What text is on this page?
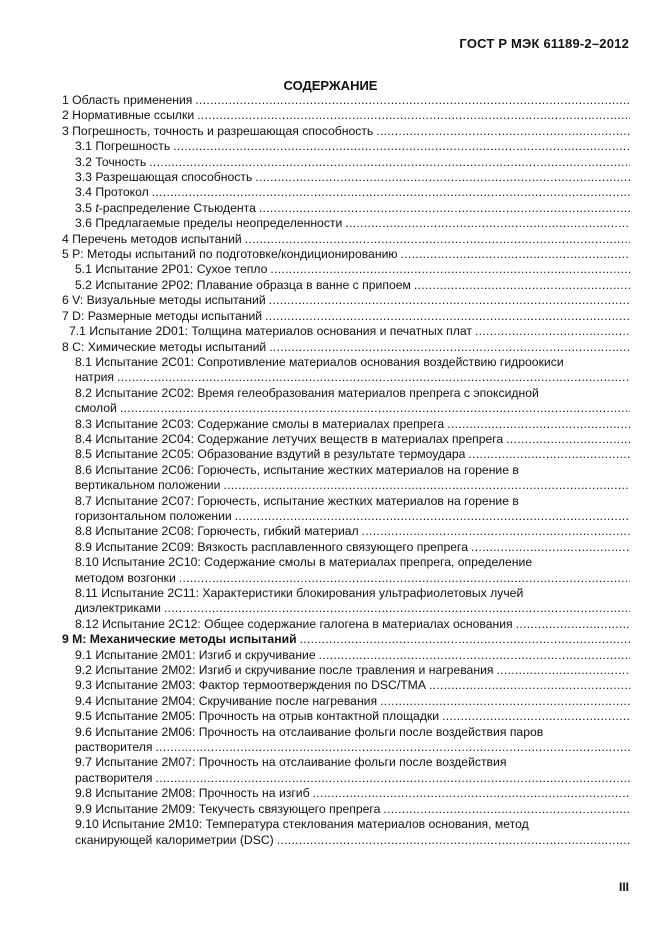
ГОСТ Р МЭК 61189-2–2012
СОДЕРЖАНИЕ
1 Область применения
.....
2 Нормативные ссылки
.....
3 Погрешность, точность и разрешающая способность
.....
3.1 Погрешность
.....
3.2 Точность
.....
3.3 Разрешающая способность
.....
3.4 Протокол
.....
3.5 t-распределение Стьюдента
.....
3.6 Предлагаемые пределы неопределенности
.....
4 Перечень методов испытаний
.....
5 P: Методы испытаний по подготовке/кондиционированию
.....
5.1 Испытание 2P01: Сухое тепло
.....
5.2 Испытание 2P02: Плавание образца в ванне с припоем
.....
6 V: Визуальные методы испытаний
.....
7 D: Размерные методы испытаний
.....
7.1 Испытание 2D01: Толщина материалов основания и печатных плат
.....
8 C: Химические методы испытаний
.....
8.1 Испытание 2C01: Сопротивление материалов основания воздействию гидроокиси
натрия
.....
8.2 Испытание 2C02: Время гелеобразования материалов препрега с эпоксидной
смолой
.....
8.3 Испытание 2C03: Содержание смолы в материалах препрега
.....
8.4 Испытание 2C04: Содержание летучих веществ в материалах препрега
.....
8.5 Испытание 2C05: Образование вздутий в результате термоудара
.....
8.6 Испытание 2C06: Горючесть, испытание жестких материалов на горение в
вертикальном положении
.....
8.7 Испытание 2C07: Горючесть, испытание жестких материалов на горение в
горизонтальном положении
.....
8.8 Испытание 2C08: Горючесть, гибкий материал
.....
8.9 Испытание 2C09: Вязкость расплавленного связующего препрега
.....
8.10 Испытание 2C10: Содержание смолы в материалах препрега, определение
методом возгонки
.....
8.11 Испытание 2C11: Характеристики блокирования ультрафиолетовых лучей
диэлектриками
.....
8.12 Испытание 2C12: Общее содержание галогена в материалах основания
.....
9 M: Механические методы испытаний
.....
9.1 Испытание 2M01: Изгиб и скручивание
.....
9.2 Испытание 2M02: Изгиб и скручивание после травления и нагревания
.....
9.3 Испытание 2M03: Фактор термоотверждения по DSC/TMA
.....
9.4 Испытание 2M04: Скручивание после нагревания
.....
9.5 Испытание 2M05: Прочность на отрыв контактной площадки
.....
9.6 Испытание 2M06: Прочность на отслаивание фольги после воздействия паров
растворителя
.....
9.7 Испытание 2M07: Прочность на отслаивание фольги после воздействия
растворителя
.....
9.8 Испытание 2M08: Прочность на изгиб
.....
9.9 Испытание 2M09: Текучесть связующего препрега
.....
9.10 Испытание 2M10: Температура стеклования материалов основания, метод
сканирующей калориметрии (DSC)
.....
III
